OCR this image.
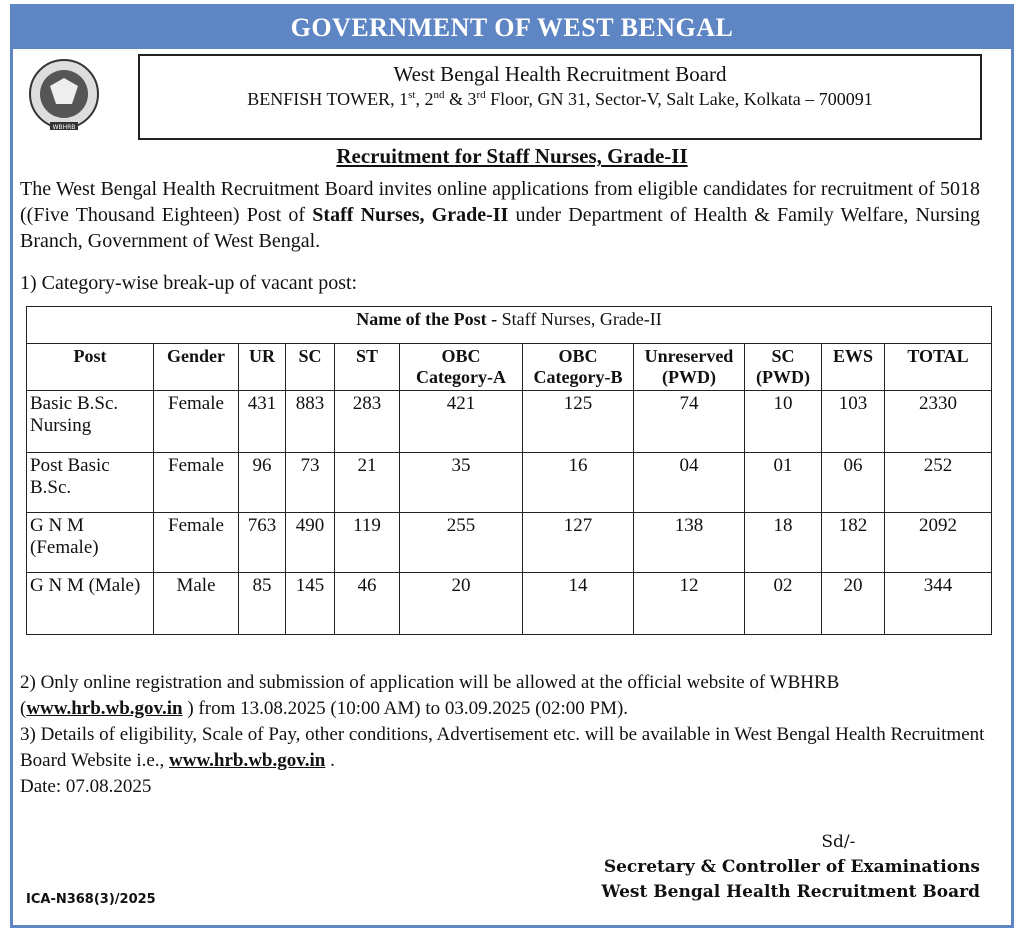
GOVERNMENT OF WEST BENGAL
WBHRB
West Bengal Health Recruitment Board
BENFISH TOWER, 1st, 2nd & 3rd Floor, GN 31, Sector-V, Salt Lake, Kolkata – 700091
Recruitment for Staff Nurses, Grade-II

The West Bengal Health Recruitment Board invites online applications from eligible candidates for recruitment of 5018 ((Five Thousand Eighteen) Post of Staff Nurses, Grade-II under Department of Health & Family Welfare, Nursing Branch, Government of West Bengal.

1) Category-wise break-up of vacant post:
Name of the Post - Staff Nurses, Grade-II										
Post	Gender	UR	SC	ST	OBC Category-A	OBC Category-B	Unreserved (PWD)	SC (PWD)	EWS	TOTAL
Basic B.Sc. Nursing	Female	431	883	283	421	125	74	10	103	2330
Post Basic B.Sc.	Female	96	73	21	35	16	04	01	06	252
G N M (Female)	Female	763	490	119	255	127	138	18	182	2092
G N M (Male)	Male	85	145	46	20	14	12	02	20	344

2) Only online registration and submission of application will be allowed at the official website of WBHRB (www.hrb.wb.gov.in ) from 13.08.2025 (10:00 AM) to 03.09.2025 (02:00 PM).

3) Details of eligibility, Scale of Pay, other conditions, Advertisement etc. will be available in West Bengal Health Recruitment Board Website i.e., www.hrb.wb.gov.in .

Date: 07.08.2025

Sd/-
Secretary & Controller of Examinations
West Bengal Health Recruitment Board
ICA-N368(3)/2025
